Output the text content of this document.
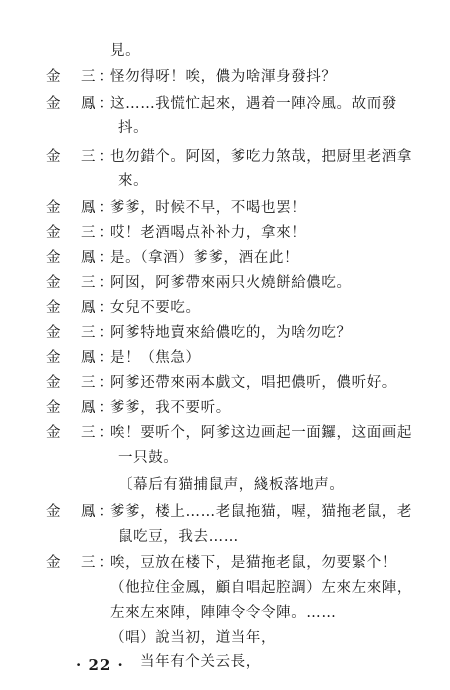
見。
金　三：
怪勿得呀！唉，儂为啥渾身發抖？
金　鳳：
这……我慌忙起來，遇着一陣冷風。故而發
抖。
金　三：
也勿錯个。阿囡，爹吃力煞哉，把厨里老酒拿
來。
金　鳳：
爹爹，时候不早，不喝也罢！
金　三：
哎！老酒喝点补补力，拿來！
金　鳳：
是。（拿酒）爹爹，酒在此！
金　三：
阿囡，阿爹帶來兩只火燒餅給儂吃。
金　鳳：
女兒不要吃。
金　三：
阿爹特地賣來給儂吃的，为啥勿吃？
金　鳳：
是！（焦急）
金　三：
阿爹还帶來兩本戲文，唱把儂听，儂听好。
金　鳳：
爹爹，我不要听。
金　三：
唉！要听个，阿爹这边画起一面鑼，这面画起
一只鼓。
〔幕后有猫捕鼠声，綫板落地声。
金　鳳：
爹爹，楼上……老鼠拖猫，喔，猫拖老鼠，老
鼠吃豆，我去……
金　三：
唉，豆放在楼下，是猫拖老鼠，勿要緊个！
（他拉住金鳳，顧自唱起腔調）左來左來陣，
左來左來陣，陣陣令令令陣。……
（唱）說当初，道当年，
当年有个关云長，
· 22 ·
